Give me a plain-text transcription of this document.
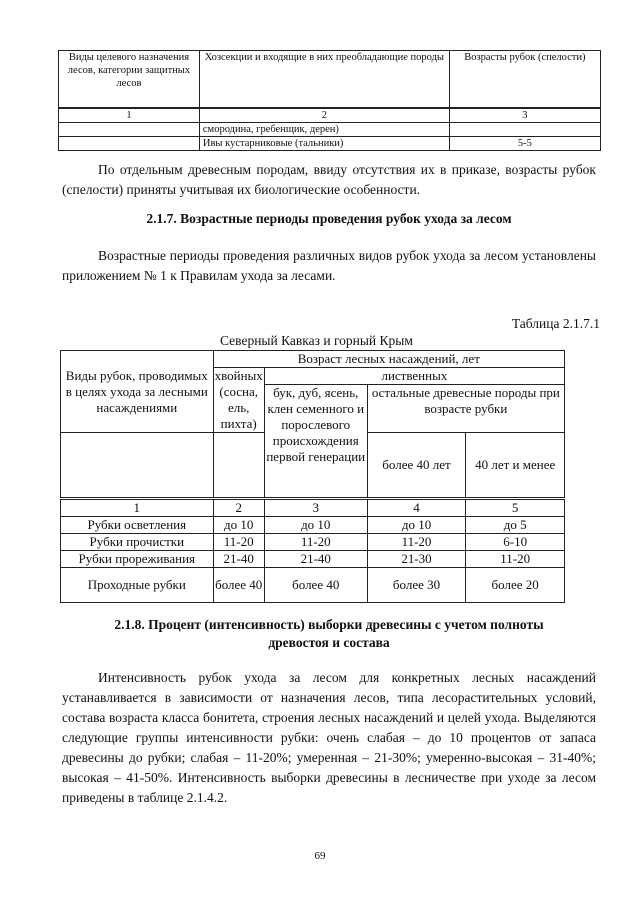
Виды целевого назначения лесов, категории защитных лесов	Хозсекции и входящие в них преобладающие породы	Возрасты рубок (спелости)
1	2	3
	смородина, гребенщик, дерен)	
	Ивы кустарниковые (тальники)	5-5
По отдельным древесным породам, ввиду отсутствия их в приказе, возрасты рубок (спелости) приняты учитывая их биологические особенности.
2.1.7. Возрастные периоды проведения рубок ухода за лесом
Возрастные периоды проведения различных видов рубок ухода за лесом установлены приложением № 1 к Правилам ухода за лесами.
Таблица 2.1.7.1
Северный Кавказ и горный Крым
Виды рубок, проводимых в целях ухода за лесными насаждениями	Возраст лесных насаждений, лет			
	хвойных (сосна, ель, пихта)	лиственных		
		бук, дуб, ясень, клен семенного и порослевого происхождения первой генерации	остальные древесные породы при возрасте рубки	
			более 40 лет	40 лет и менее
1	2	3	4	5
Рубки осветления	до 10	до 10	до 10	до 5
Рубки прочистки	11-20	11-20	11-20	6-10
Рубки прореживания	21-40	21-40	21-30	11-20
Проходные рубки	более 40	более 40	более 30	более 20
2.1.8. Процент (интенсивность) выборки древесины с учетом полноты
древостоя и состава
Интенсивность рубок ухода за лесом для конкретных лесных насаждений устанавливается в зависимости от назначения лесов, типа лесорастительных условий, состава возраста класса бонитета, строения лесных насаждений и целей ухода. Выделяются следующие группы интенсивности рубки: очень слабая – до 10 процентов от запаса древесины до рубки; слабая – 11-20%; умеренная – 21-30%; умеренно-высокая – 31-40%; высокая – 41-50%. Интенсивность выборки древесины в лесничестве при уходе за лесом приведены в таблице 2.1.4.2.
69
